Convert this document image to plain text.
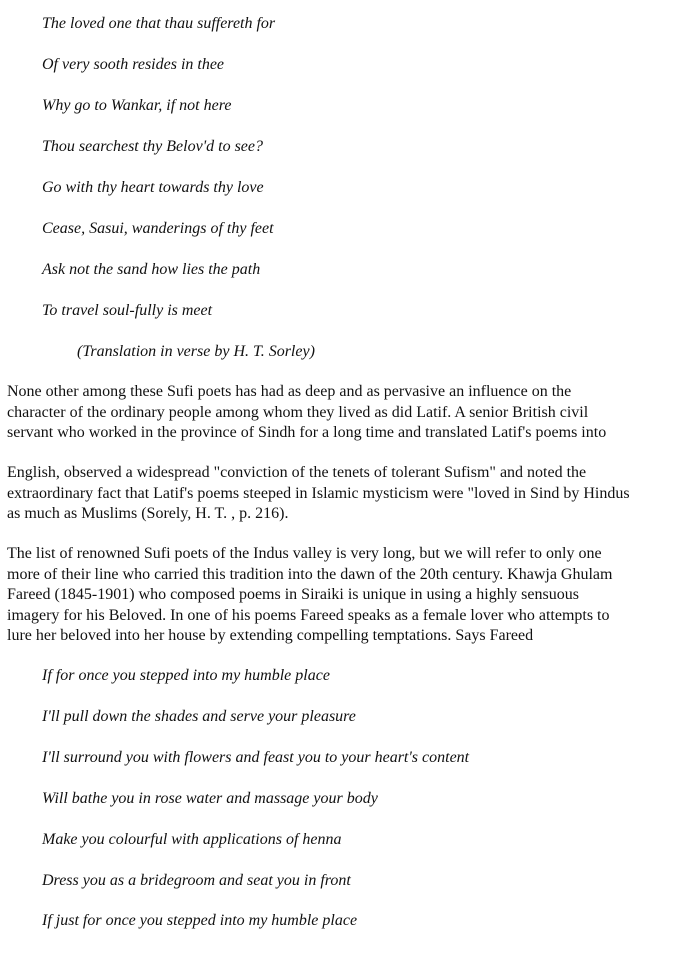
The loved one that thau suffereth for
Of very sooth resides in thee
Why go to Wankar, if not here
Thou searchest thy Belov'd to see?
Go with thy heart towards thy love
Cease, Sasui, wanderings of thy feet
Ask not the sand how lies the path
To travel soul-fully is meet
(Translation in verse by H. T. Sorley)
None other among these Sufi poets has had as deep and as pervasive an influence on the
character of the ordinary people among whom they lived as did Latif. A senior British civil
servant who worked in the province of Sindh for a long time and translated Latif's poems into
English, observed a widespread "conviction of the tenets of tolerant Sufism" and noted the
extraordinary fact that Latif's poems steeped in Islamic mysticism were "loved in Sind by Hindus
as much as Muslims (Sorely, H. T. , p. 216).
The list of renowned Sufi poets of the Indus valley is very long, but we will refer to only one
more of their line who carried this tradition into the dawn of the 20th century. Khawja Ghulam
Fareed (1845-1901) who composed poems in Siraiki is unique in using a highly sensuous
imagery for his Beloved. In one of his poems Fareed speaks as a female lover who attempts to
lure her beloved into her house by extending compelling temptations. Says Fareed
If for once you stepped into my humble place
I'll pull down the shades and serve your pleasure
I'll surround you with flowers and feast you to your heart's content
Will bathe you in rose water and massage your body
Make you colourful with applications of henna
Dress you as a bridegroom and seat you in front
If just for once you stepped into my humble place
